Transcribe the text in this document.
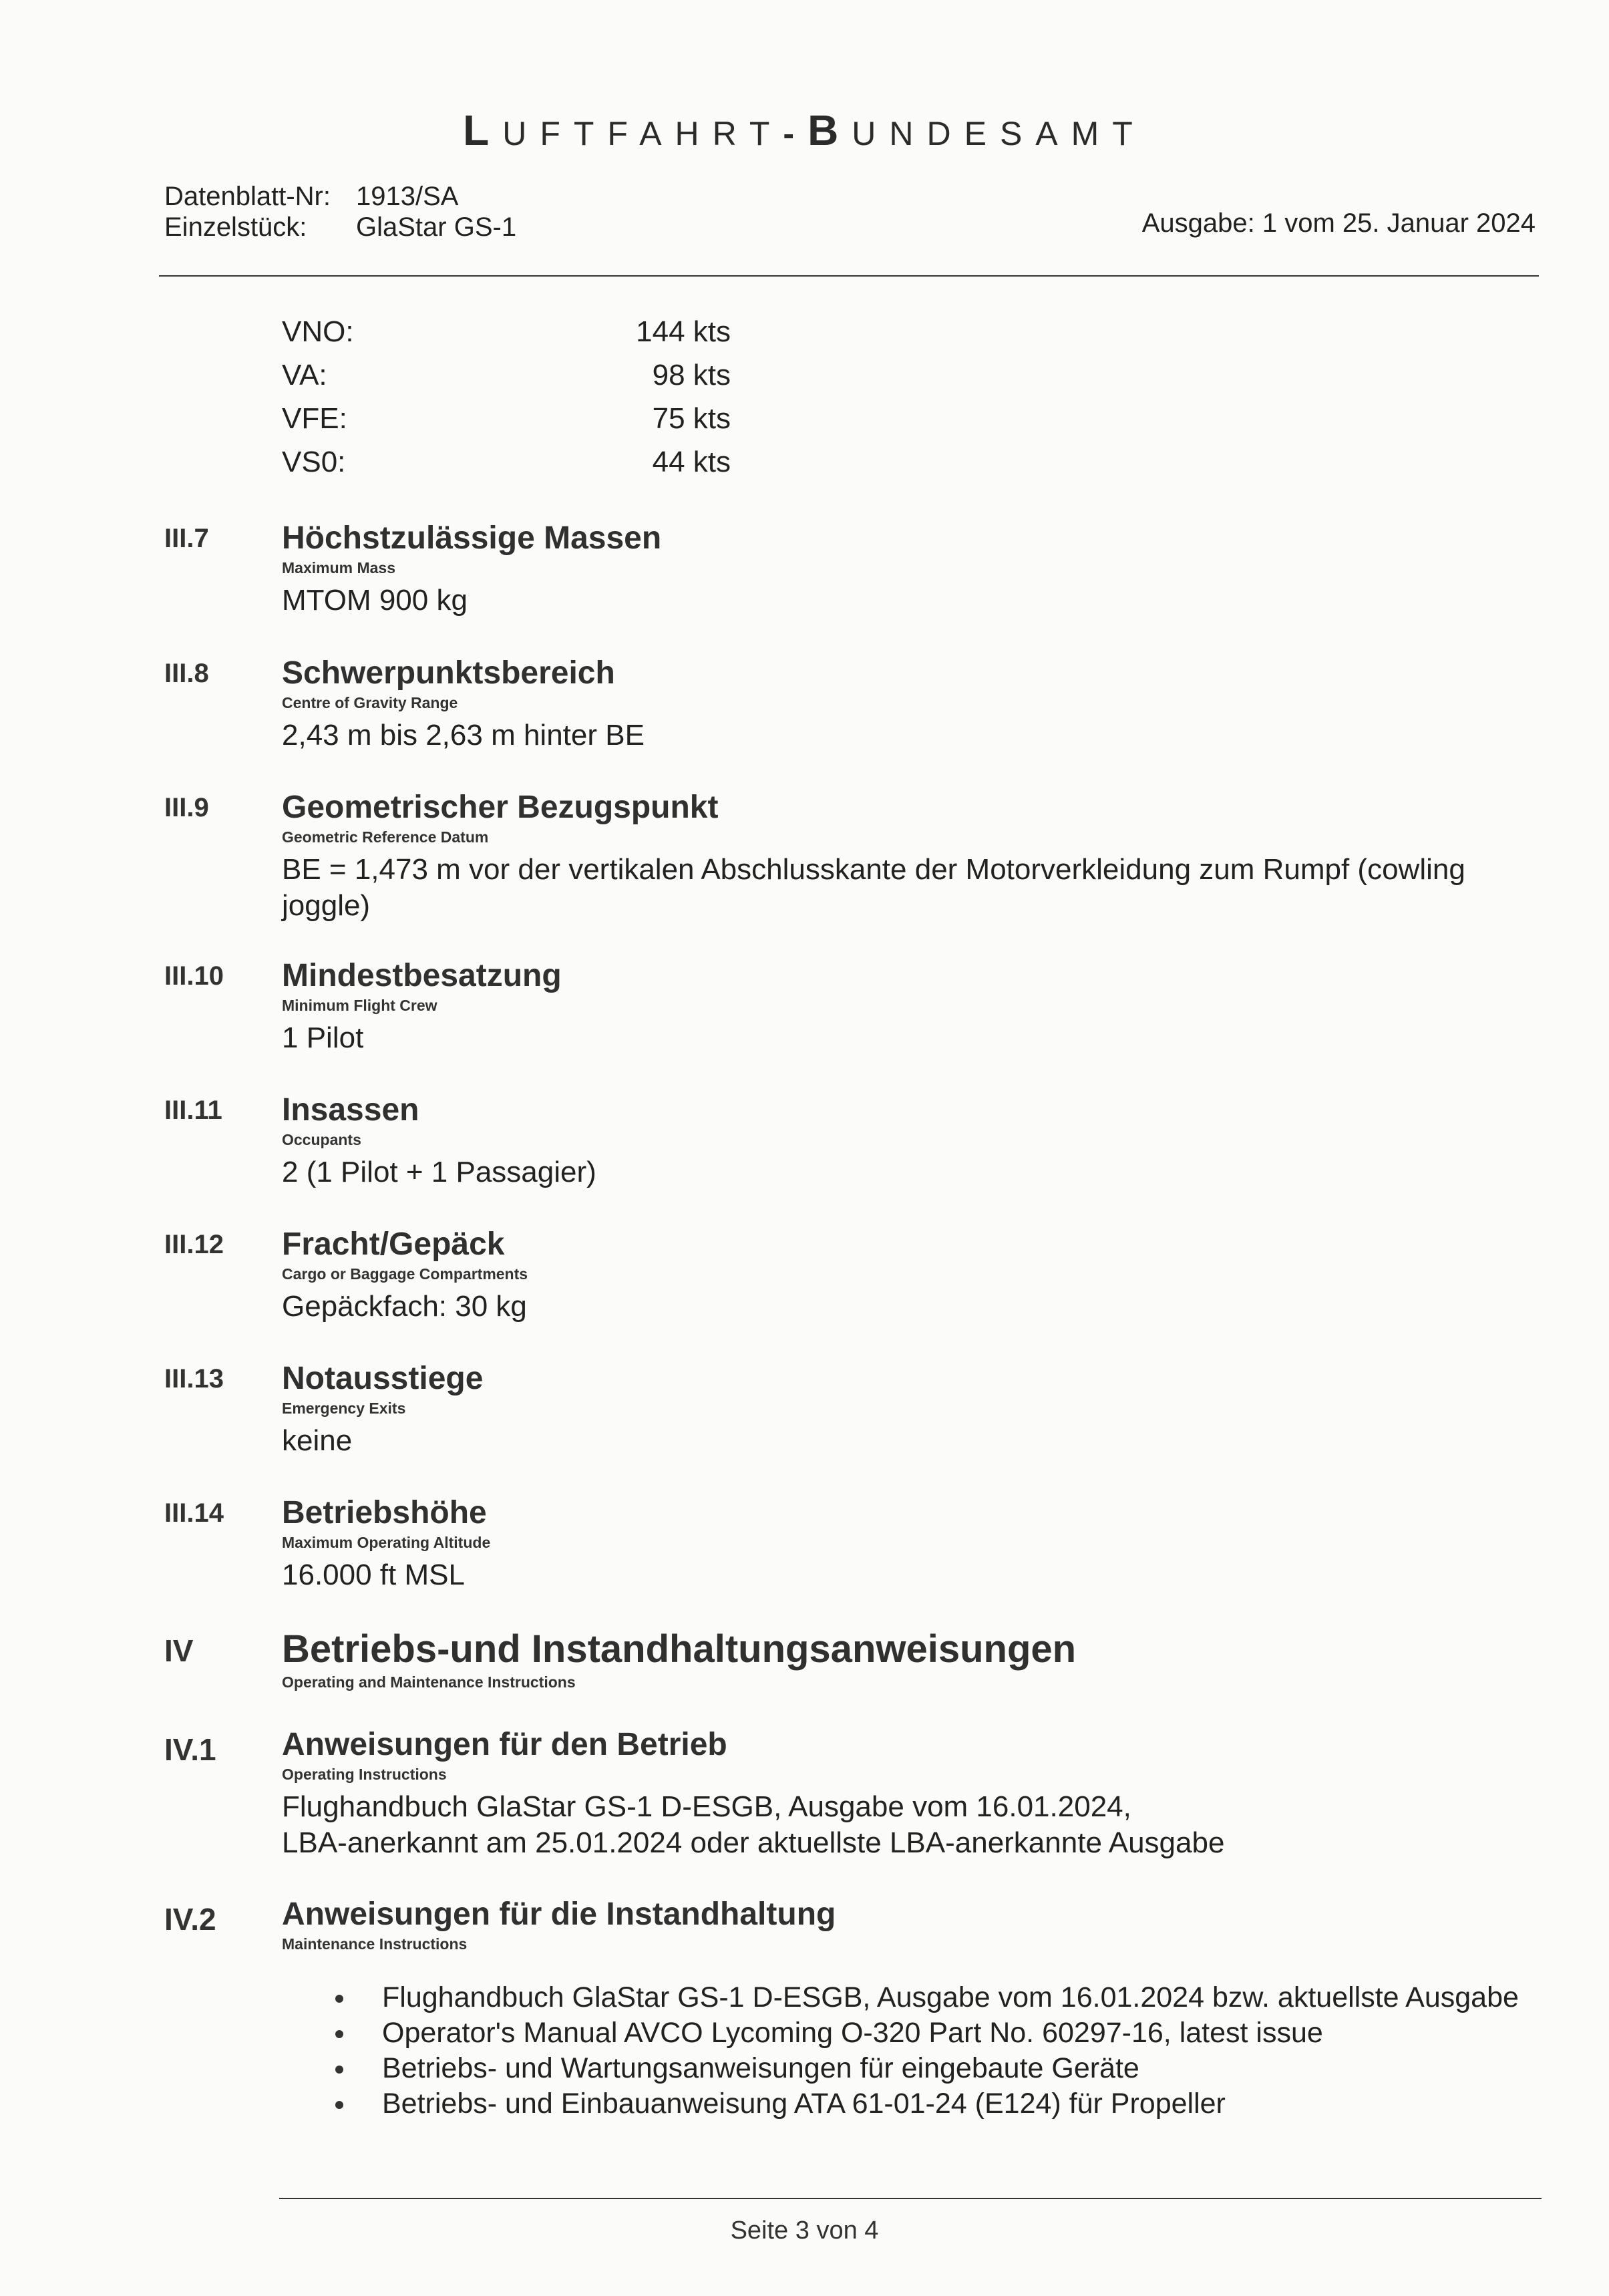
LUFTFAHRT-BUNDESAMT
Datenblatt-Nr: 1913/SA
Einzelstück: GlaStar GS-1	Ausgabe: 1 vom 25. Januar 2024
VNO:	144 kts
VA:	98 kts
VFE:	75 kts
VS0:	44 kts
III.7 Höchstzulässige Massen
Maximum Mass
MTOM 900 kg
III.8 Schwerpunktsbereich
Centre of Gravity Range
2,43 m bis 2,63 m hinter BE
III.9 Geometrischer Bezugspunkt
Geometric Reference Datum
BE = 1,473 m vor der vertikalen Abschlusskante der Motorverkleidung zum Rumpf (cowling joggle)
III.10 Mindestbesatzung
Minimum Flight Crew
1 Pilot
III.11 Insassen
Occupants
2 (1 Pilot + 1 Passagier)
III.12 Fracht/Gepäck
Cargo or Baggage Compartments
Gepäckfach: 30 kg
III.13 Notausstiege
Emergency Exits
keine
III.14 Betriebshöhe
Maximum Operating Altitude
16.000 ft MSL
IV Betriebs-und Instandhaltungsanweisungen
Operating and Maintenance Instructions
IV.1 Anweisungen für den Betrieb
Operating Instructions
Flughandbuch GlaStar GS-1 D-ESGB, Ausgabe vom 16.01.2024,
LBA-anerkannt am 25.01.2024 oder aktuellste LBA-anerkannte Ausgabe
IV.2 Anweisungen für die Instandhaltung
Maintenance Instructions
Flughandbuch GlaStar GS-1 D-ESGB, Ausgabe vom 16.01.2024 bzw. aktuellste Ausgabe
Operator's Manual AVCO Lycoming O-320 Part No. 60297-16, latest issue
Betriebs- und Wartungsanweisungen für eingebaute Geräte
Betriebs- und Einbauanweisung ATA 61-01-24 (E124) für Propeller
Seite 3 von 4
